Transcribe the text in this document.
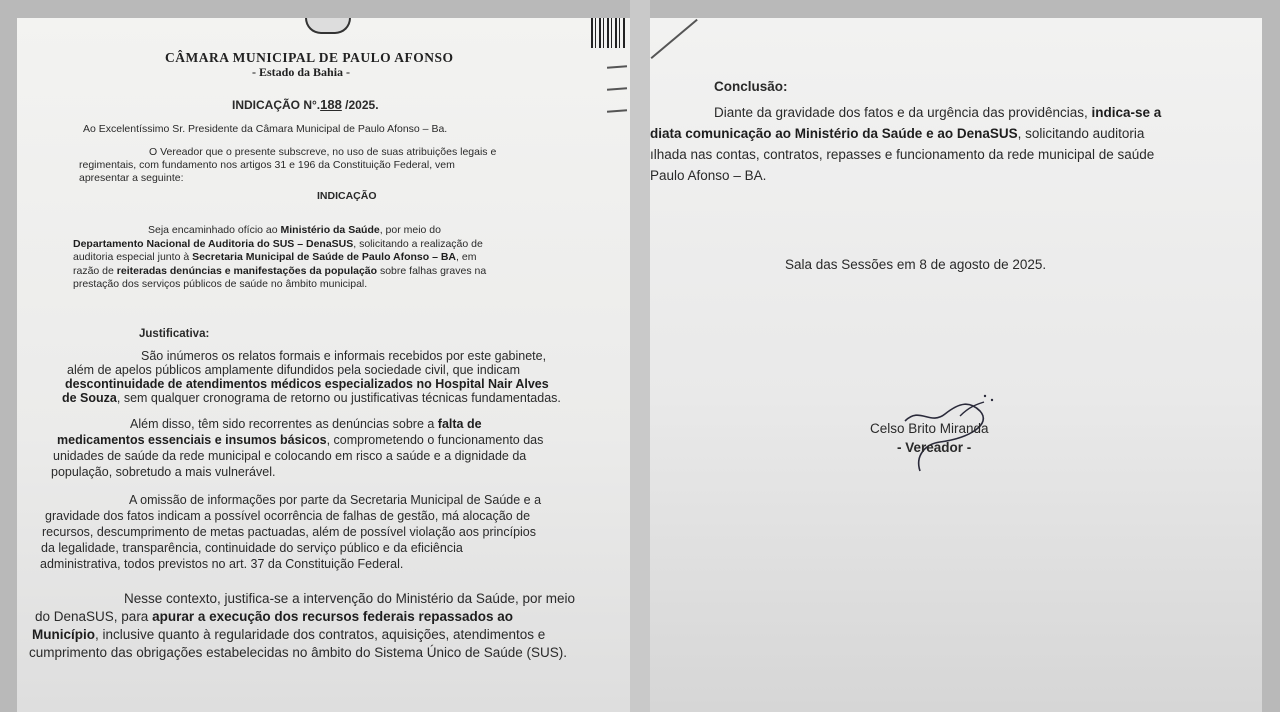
CÂMARA MUNICIPAL DE PAULO AFONSO
- Estado da Bahia -
INDICAÇÃO N°.188 /2025.
Ao Excelentíssimo Sr. Presidente da Câmara Municipal de Paulo Afonso – Ba.
O Vereador que o presente subscreve, no uso de suas atribuições legais e
regimentais, com fundamento nos artigos 31 e 196 da Constituição Federal, vem
apresentar a seguinte:
INDICAÇÃO
Seja encaminhado ofício ao Ministério da Saúde, por meio do
Departamento Nacional de Auditoria do SUS – DenaSUS, solicitando a realização de
auditoria especial junto à Secretaria Municipal de Saúde de Paulo Afonso – BA, em
razão de reiteradas denúncias e manifestações da população sobre falhas graves na
prestação dos serviços públicos de saúde no âmbito municipal.
Justificativa:
São inúmeros os relatos formais e informais recebidos por este gabinete,
além de apelos públicos amplamente difundidos pela sociedade civil, que indicam
descontinuidade de atendimentos médicos especializados no Hospital Nair Alves
de Souza, sem qualquer cronograma de retorno ou justificativas técnicas fundamentadas.
Além disso, têm sido recorrentes as denúncias sobre a falta de
medicamentos essenciais e insumos básicos, comprometendo o funcionamento das
unidades de saúde da rede municipal e colocando em risco a saúde e a dignidade da
população, sobretudo a mais vulnerável.
A omissão de informações por parte da Secretaria Municipal de Saúde e a
gravidade dos fatos indicam a possível ocorrência de falhas de gestão, má alocação de
recursos, descumprimento de metas pactuadas, além de possível violação aos princípios
da legalidade, transparência, continuidade do serviço público e da eficiência
administrativa, todos previstos no art. 37 da Constituição Federal.
Nesse contexto, justifica-se a intervenção do Ministério da Saúde, por meio
do DenaSUS, para apurar a execução dos recursos federais repassados ao
Município, inclusive quanto à regularidade dos contratos, aquisições, atendimentos e
cumprimento das obrigações estabelecidas no âmbito do Sistema Único de Saúde (SUS).
Conclusão:
Diante da gravidade dos fatos e da urgência das providências, indica-se a
diata comunicação ao Ministério da Saúde e ao DenaSUS, solicitando auditoria
ılhada nas contas, contratos, repasses e funcionamento da rede municipal de saúde
Paulo Afonso – BA.
Sala das Sessões em 8 de agosto de 2025.
Celso Brito Miranda
- Vereador -
